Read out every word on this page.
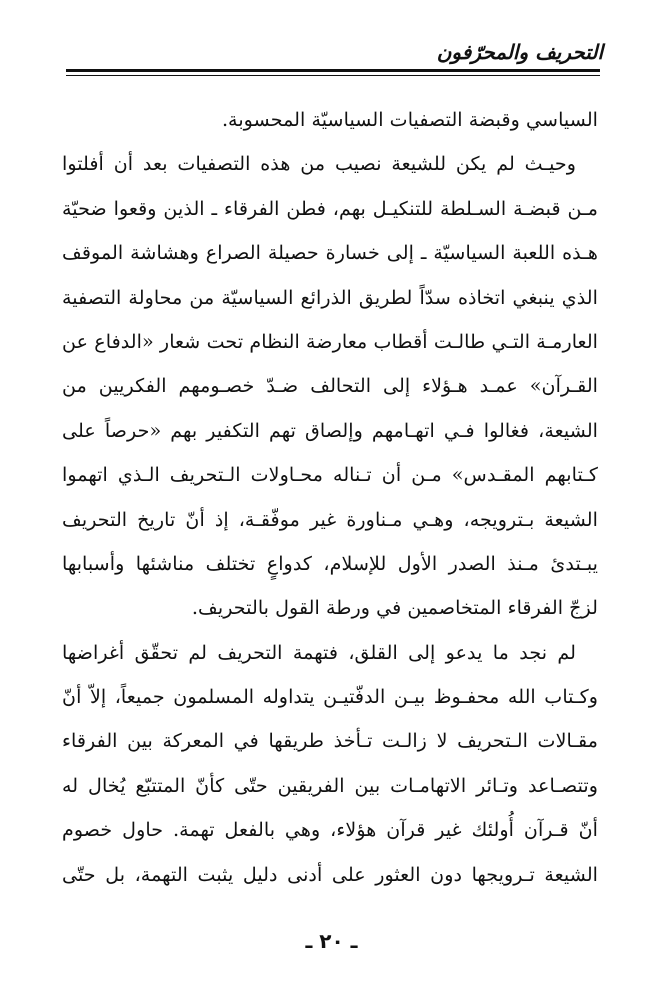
التحريف والمحرّفون
السياسي وقبضة التصفيات السياسيّة المحسوبة.
وحيـث لم يكن للشيعة نصيب من هذه التصفيات بعد أن أفلتوا
مـن قبضـة السـلطة للتنكيـل بهم، فطن الفرقاء ـ الذين وقعوا ضحيّة
هـذه اللعبة السياسيّة ـ إلى خسارة حصيلة الصراع وهشاشة الموقف
الذي ينبغي اتخاذه سدّاً لطريق الذرائع السياسيّة من محاولة التصفية
العارمـة التـي طالـت أقطاب معارضة النظام تحت شعار «الدفاع عن
القـرآن» عمـد هـؤلاء إلى التحالف ضـدّ خصـومهم الفكريين من
الشيعة، فغالوا فـي اتهـامهم وإلصاق تهم التكفير بهم «حرصاً على
كـتابهم المقـدس» مـن أن تـناله محـاولات الـتحريف الـذي اتهموا
الشيعة بـترويجه، وهـي مـناورة غير موفّقـة، إذ أنّ تاريخ التحريف
يبـتدئ مـنذ الصدر الأول للإسلام، كدواعٍ تختلف مناشئها وأسبابها
لزجّ الفرقاء المتخاصمين في ورطة القول بالتحريف.
لم نجد ما يدعو إلى القلق، فتهمة التحريف لم تحقّق أغراضها
وكـتاب الله محفـوظ بيـن الدفّتيـن يتداوله المسلمون جميعاً، إلاّ أنّ
مقـالات الـتحريف لا زالـت تـأخذ طريقها في المعركة بين الفرقاء
وتتصـاعد وتـائر الاتهامـات بين الفريقين حتّى كأنّ المتتبّع يُخال له
أنّ قـرآن أُولئك غير قرآن هؤلاء، وهي بالفعل تهمة. حاول خصوم
الشيعة تـرويجها دون العثور على أدنى دليل يثبت التهمة، بل حتّى
ـ ٢٠ ـ
